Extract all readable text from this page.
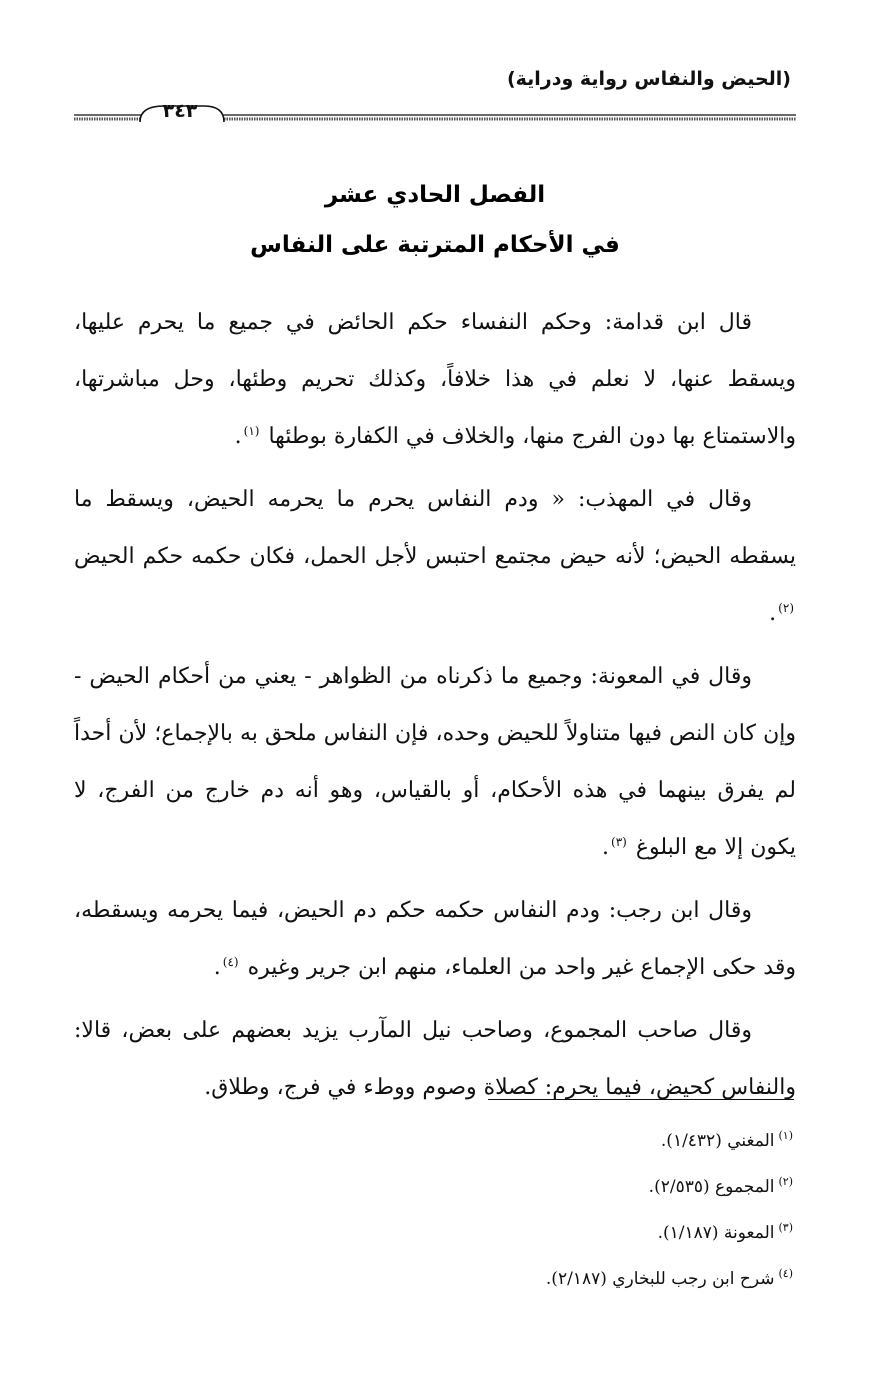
(الحيض والنفاس رواية ودراية)
٣٤٣
الفصل الحادي عشر
في الأحكام المترتبة على النفاس

قال ابن قدامة: وحكم النفساء حكم الحائض في جميع ما يحرم عليها، ويسقط عنها، لا نعلم في هذا خلافاً، وكذلك تحريم وطئها، وحل مباشرتها، والاستمتاع بها دون الفرج منها، والخلاف في الكفارة بوطئها $^{(١)}$.

وقال في المهذب: « ودم النفاس يحرم ما يحرمه الحيض، ويسقط ما يسقطه الحيض؛ لأنه حيض مجتمع احتبس لأجل الحمل، فكان حكمه حكم الحيض $^{(٢)}$.

وقال في المعونة: وجميع ما ذكرناه من الظواهر - يعني من أحكام الحيض - وإن كان النص فيها متناولاً للحيض وحده، فإن النفاس ملحق به بالإجماع؛ لأن أحداً لم يفرق بينهما في هذه الأحكام، أو بالقياس، وهو أنه دم خارج من الفرج، لا يكون إلا مع البلوغ $^{(٣)}$.

وقال ابن رجب: ودم النفاس حكمه حكم دم الحيض، فيما يحرمه ويسقطه، وقد حكى الإجماع غير واحد من العلماء، منهم ابن جرير وغيره $^{(٤)}$.

وقال صاحب المجموع، وصاحب نيل المآرب يزيد بعضهم على بعض، قالا: والنفاس كحيض، فيما يحرم: كصلاة وصوم ووطء في فرج، وطلاق.

$^{(١)}$المغني (١/٤٣٢).

$^{(٢)}$المجموع (٢/٥٣٥).

$^{(٣)}$المعونة (١/١٨٧).

$^{(٤)}$شرح ابن رجب للبخاري (٢/١٨٧).
